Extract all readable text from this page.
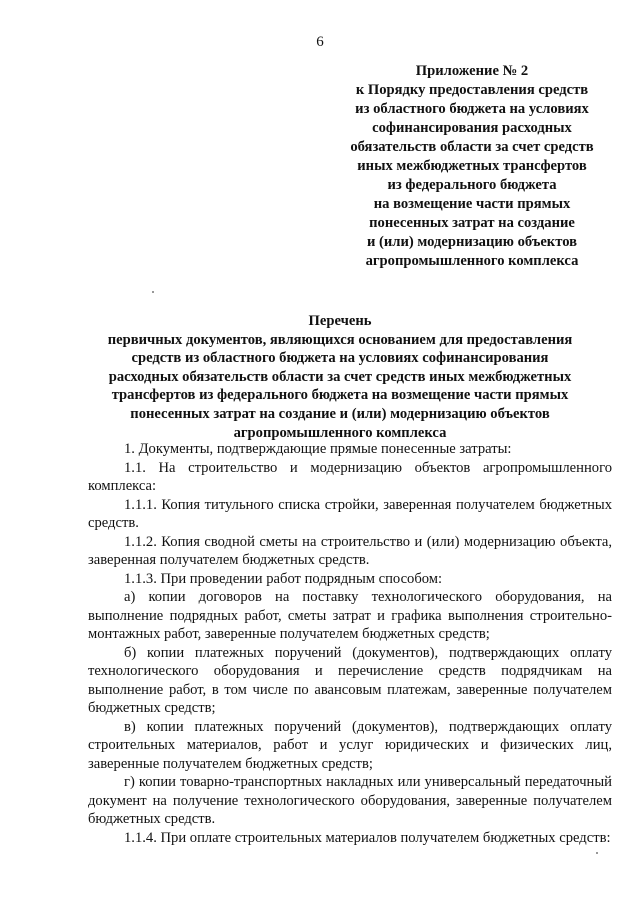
6
Приложение № 2
к Порядку предоставления средств
из областного бюджета на условиях
софинансирования расходных
обязательств области за счет средств
иных межбюджетных трансфертов
из федерального бюджета
на возмещение части прямых
понесенных затрат на создание
и (или) модернизацию объектов
агропромышленного комплекса
Перечень
первичных документов, являющихся основанием для предоставления
средств из областного бюджета на условиях софинансирования
расходных обязательств области за счет средств иных межбюджетных
трансфертов из федерального бюджета на возмещение части прямых
понесенных затрат на создание и (или) модернизацию объектов
агропромышленного комплекса

1. Документы, подтверждающие прямые понесенные затраты:

1.1. На строительство и модернизацию объектов агропромышленного комплекса:

1.1.1. Копия титульного списка стройки, заверенная получателем бюджетных средств.

1.1.2. Копия сводной сметы на строительство и (или) модернизацию объекта, заверенная получателем бюджетных средств.

1.1.3. При проведении работ подрядным способом:

а) копии договоров на поставку технологического оборудования, на выполнение подрядных работ, сметы затрат и графика выполнения строительно-монтажных работ, заверенные получателем бюджетных средств;

б) копии платежных поручений (документов), подтверждающих оплату технологического оборудования и перечисление средств подрядчикам на выполнение работ, в том числе по авансовым платежам, заверенные получателем бюджетных средств;

в) копии платежных поручений (документов), подтверждающих оплату строительных материалов, работ и услуг юридических и физических лиц, заверенные получателем бюджетных средств;

г) копии товарно-транспортных накладных или универсальный передаточный документ на получение технологического оборудования, заверенные получателем бюджетных средств.

1.1.4. При оплате строительных материалов получателем бюджетных средств:
